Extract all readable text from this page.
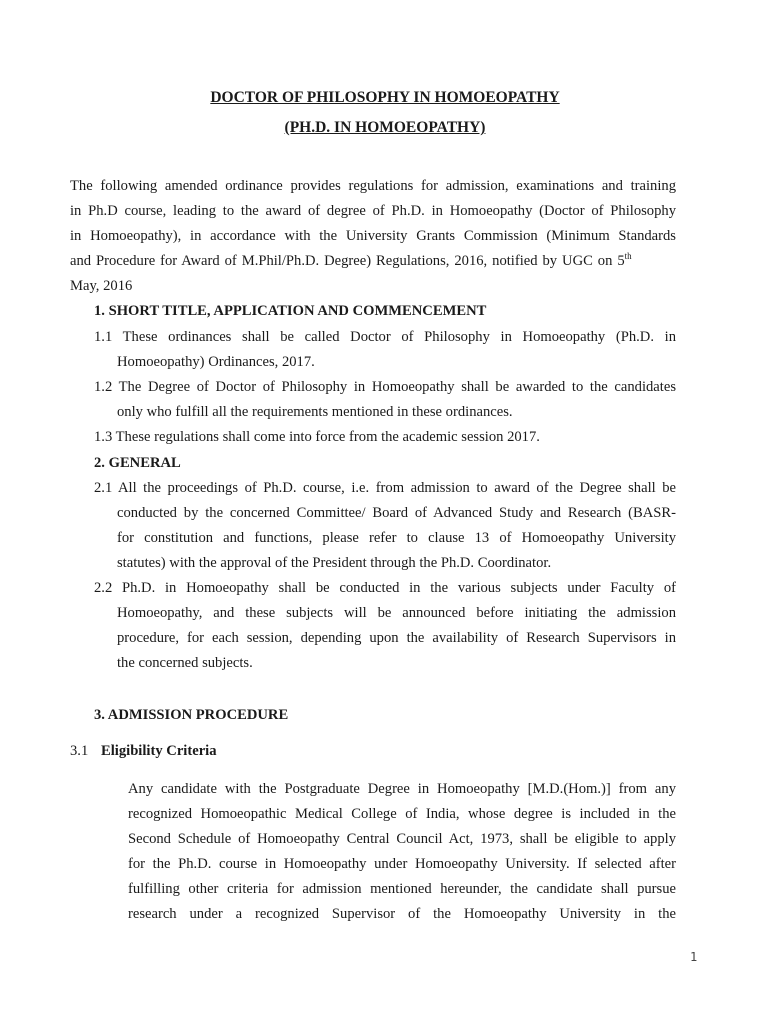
DOCTOR OF PHILOSOPHY IN HOMOEOPATHY
(PH.D. IN HOMOEOPATHY)
The following amended ordinance provides regulations for admission, examinations and training
in Ph.D course, leading to the award of degree of Ph.D. in Homoeopathy (Doctor of Philosophy
in Homoeopathy), in accordance with the University Grants Commission (Minimum Standards
and Procedure for Award of M.Phil/Ph.D. Degree) Regulations, 2016, notified by UGC on 5th
May, 2016
1. SHORT TITLE, APPLICATION AND COMMENCEMENT
1.1 These ordinances shall be called Doctor of Philosophy in Homoeopathy (Ph.D. in
Homoeopathy) Ordinances, 2017.
1.2 The Degree of Doctor of Philosophy in Homoeopathy shall be awarded to the candidates
only who fulfill all the requirements mentioned in these ordinances.
1.3 These regulations shall come into force from the academic session 2017.
2. GENERAL
2.1 All the proceedings of Ph.D. course, i.e. from admission to award of the Degree shall be
conducted by the concerned Committee/ Board of Advanced Study and Research (BASR-
for constitution and functions, please refer to clause 13 of Homoeopathy University
statutes) with the approval of the President through the Ph.D. Coordinator.
2.2 Ph.D. in Homoeopathy shall be conducted in the various subjects under Faculty of
Homoeopathy, and these subjects will be announced before initiating the admission
procedure, for each session, depending upon the availability of Research Supervisors in
the concerned subjects.
3. ADMISSION PROCEDURE
3.1 Eligibility Criteria
Any candidate with the Postgraduate Degree in Homoeopathy [M.D.(Hom.)] from any
recognized Homoeopathic Medical College of India, whose degree is included in the
Second Schedule of Homoeopathy Central Council Act, 1973, shall be eligible to apply
for the Ph.D. course in Homoeopathy under Homoeopathy University. If selected after
fulfilling other criteria for admission mentioned hereunder, the candidate shall pursue
research under a recognized Supervisor of the Homoeopathy University in the
1
